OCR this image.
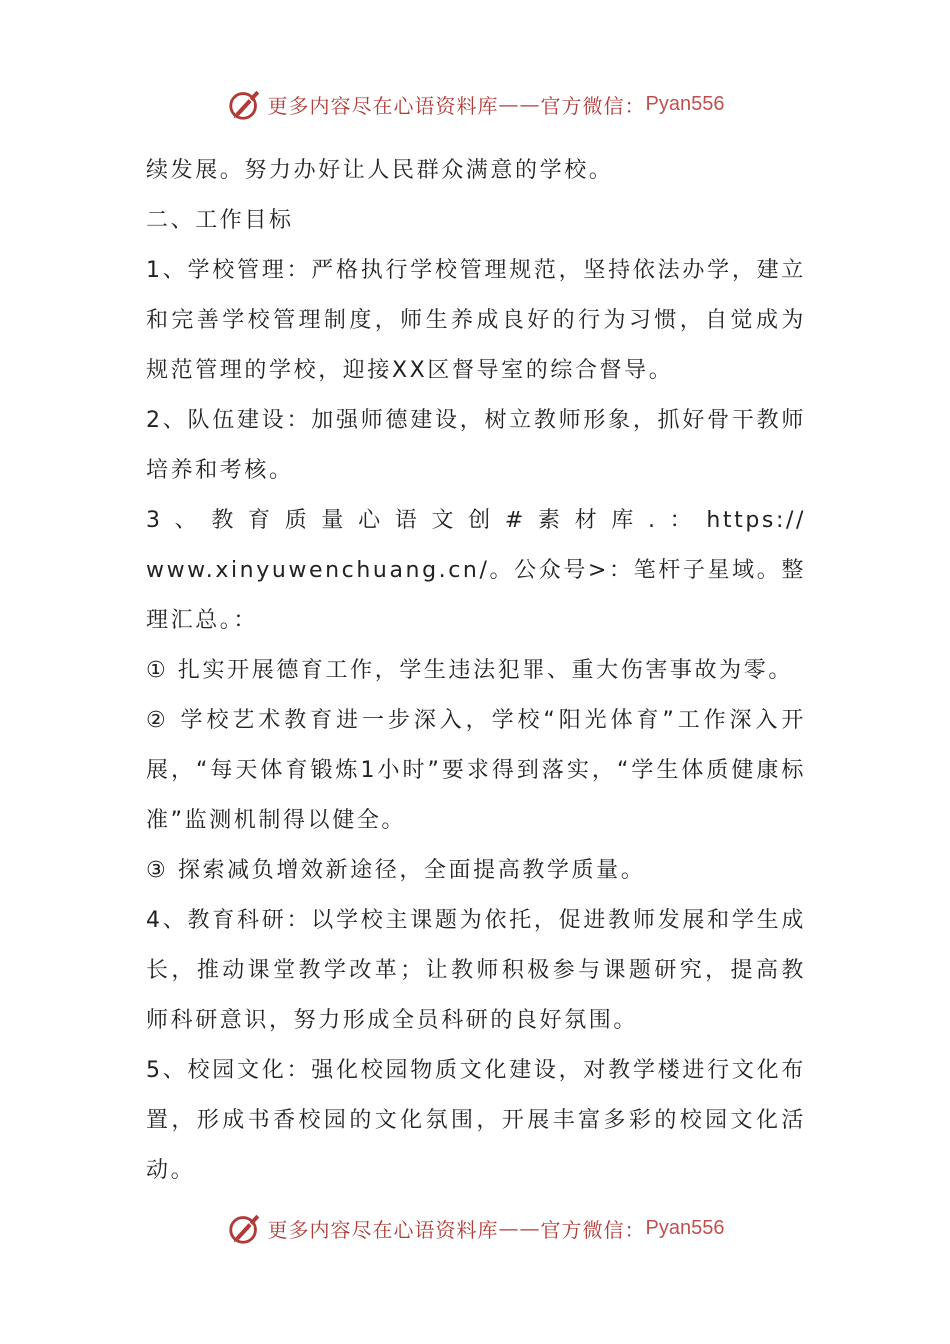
更多内容尽在心语资料库 —— 官方微信： Pyan556

续发展。努力办好让人民群众满意的学校。

二、工作目标

1、学校管理：严格执行学校管理规范，坚持依法办学，建立和完善学校管理制度，师生养成良好的行为习惯，自觉成为规范管理的学校，迎接XX区督导室的综合督导。

2、队伍建设：加强师德建设，树立教师形象，抓好骨干教师培养和考核。

3、教育质量心语文创#素材库.：https://

www.xinyuwenchuang.cn/。公众号>：笔杆子星域。整理汇总。：

① 扎实开展德育工作，学生违法犯罪、重大伤害事故为零。

② 学校艺术教育进一步深入，学校“阳光体育”工作深入开展，“每天体育锻炼1小时”要求得到落实，“学生体质健康标准”监测机制得以健全。

③ 探索减负增效新途径，全面提高教学质量。

4、教育科研：以学校主课题为依托，促进教师发展和学生成长，推动课堂教学改革；让教师积极参与课题研究，提高教师科研意识，努力形成全员科研的良好氛围。

5、校园文化：强化校园物质文化建设，对教学楼进行文化布置，形成书香校园的文化氛围，开展丰富多彩的校园文化活动。

更多内容尽在心语资料库 —— 官方微信： Pyan556
